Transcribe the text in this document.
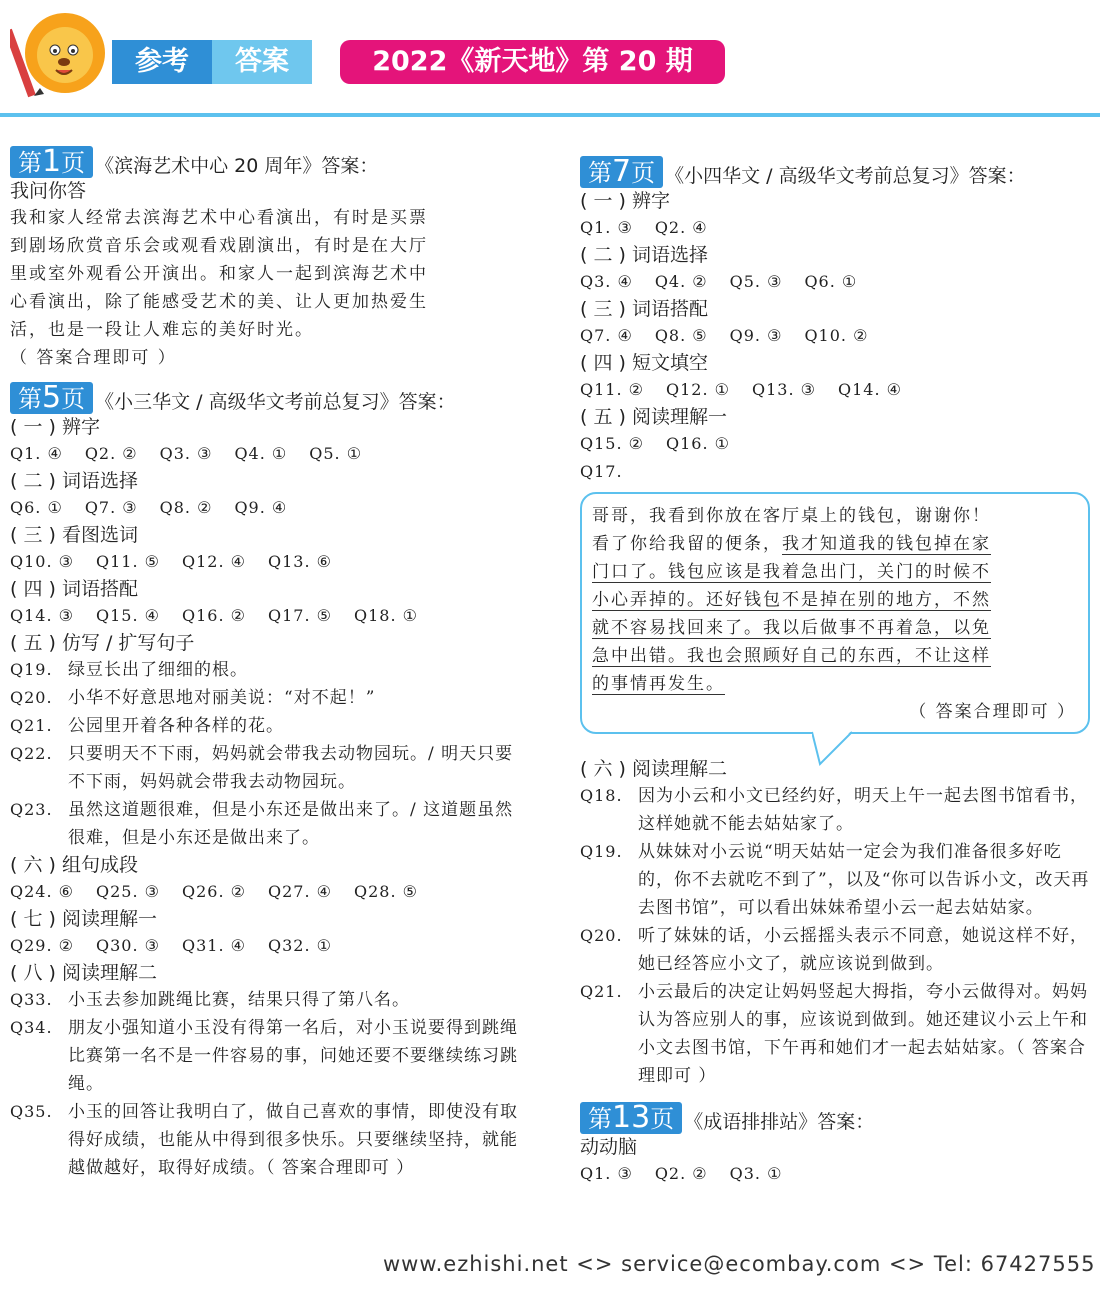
参考	答案	2022《新天地》第 20 期
第1页 《滨海艺术中心 20 周年》答案：
我问你答
我和家人经常去滨海艺术中心看演出，有时是买票
到剧场欣赏音乐会或观看戏剧演出，有时是在大厅
里或室外观看公开演出。和家人一起到滨海艺术中
心看演出，除了能感受艺术的美、让人更加热爱生
活，也是一段让人难忘的美好时光。
（ 答案合理即可 ）
第5页 《小三华文 / 高级华文考前总复习》答案：
( 一 ) 辨字
Q1. ④ Q2. ② Q3. ③ Q4. ① Q5. ①
( 二 ) 词语选择
Q6. ① Q7. ③ Q8. ② Q9. ④
( 三 ) 看图选词
Q10. ③ Q11. ⑤ Q12. ④ Q13. ⑥
( 四 ) 词语搭配
Q14. ③ Q15. ④ Q16. ② Q17. ⑤ Q18. ①
( 五 ) 仿写 / 扩写句子
Q19. 绿豆长出了细细的根。
Q20. 小华不好意思地对丽美说：“对不起！”
Q21. 公园里开着各种各样的花。
Q22. 只要明天不下雨，妈妈就会带我去动物园玩。/ 明天只要不下雨，妈妈就会带我去动物园玩。
Q23. 虽然这道题很难，但是小东还是做出来了。/ 这道题虽然很难，但是小东还是做出来了。
( 六 ) 组句成段
Q24. ⑥ Q25. ③ Q26. ② Q27. ④ Q28. ⑤
( 七 ) 阅读理解一
Q29. ② Q30. ③ Q31. ④ Q32. ①
( 八 ) 阅读理解二
Q33. 小玉去参加跳绳比赛，结果只得了第八名。
Q34. 朋友小强知道小玉没有得第一名后，对小玉说要得到跳绳比赛第一名不是一件容易的事，问她还要不要继续练习跳绳。
Q35. 小玉的回答让我明白了，做自己喜欢的事情，即使没有取得好成绩，也能从中得到很多快乐。只要继续坚持，就能越做越好，取得好成绩。（ 答案合理即可 ）
第7页 《小四华文 / 高级华文考前总复习》答案：
( 一 ) 辨字
Q1. ③ Q2. ④
( 二 ) 词语选择
Q3. ④ Q4. ② Q5. ③ Q6. ①
( 三 ) 词语搭配
Q7. ④ Q8. ⑤ Q9. ③ Q10. ②
( 四 ) 短文填空
Q11. ② Q12. ① Q13. ③ Q14. ④
( 五 ) 阅读理解一
Q15. ② Q16. ①
Q17.
哥哥，我看到你放在客厅桌上的钱包，谢谢你！
看了你给我留的便条，我才知道我的钱包掉在家
门口了。钱包应该是我着急出门，关门的时候不
小心弄掉的。还好钱包不是掉在别的地方，不然
就不容易找回来了。我以后做事不再着急，以免
急中出错。我也会照顾好自己的东西，不让这样
的事情再发生。
（ 答案合理即可 ）
( 六 ) 阅读理解二
Q18. 因为小云和小文已经约好，明天上午一起去图书馆看书，这样她就不能去姑姑家了。
Q19. 从妹妹对小云说“明天姑姑一定会为我们准备很多好吃的，你不去就吃不到了”，以及“你可以告诉小文，改天再去图书馆”，可以看出妹妹希望小云一起去姑姑家。
Q20. 听了妹妹的话，小云摇摇头表示不同意，她说这样不好，她已经答应小文了，就应该说到做到。
Q21. 小云最后的决定让妈妈竖起大拇指，夸小云做得对。妈妈认为答应别人的事，应该说到做到。她还建议小云上午和小文去图书馆，下午再和她们才一起去姑姑家。（ 答案合理即可 ）
第13页 《成语排排站》答案：
动动脑
Q1. ③ Q2. ② Q3. ①
www.ezhishi.net <> service@ecombay.com <> Tel: 67427555
